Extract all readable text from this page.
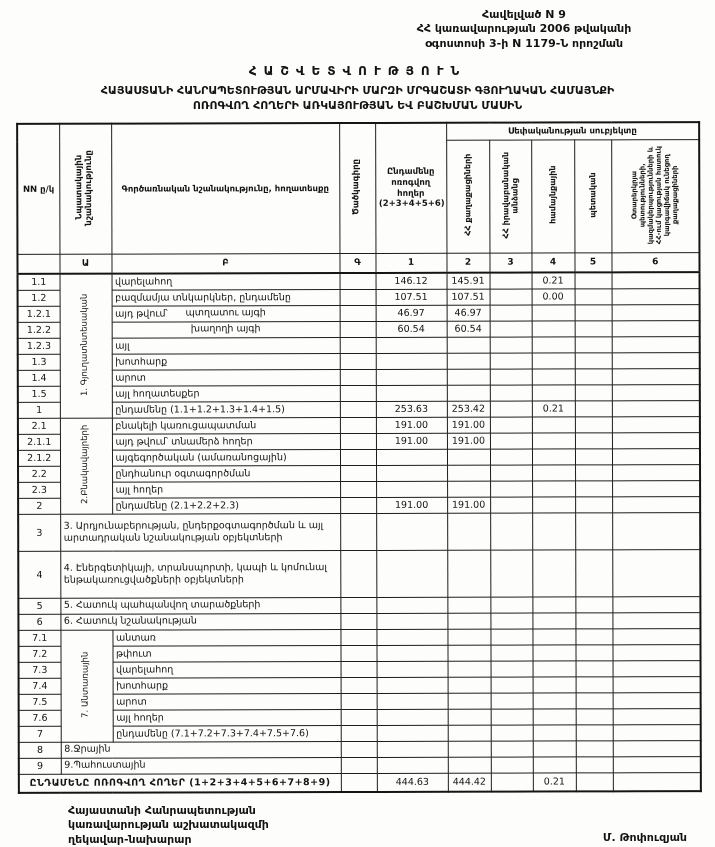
Հավելված N 9
ՀՀ կառավարության 2006 թվականի
օգոստոսի 3-ի N 1179-Ն որոշման
ՀԱՇՎԵՏՎՈՒԹՅՈՒՆ
ՀԱՅԱՍՏԱՆԻ ՀԱՆՐԱՊԵՏՈՒԹՅԱՆ ԱՐՄԱՎԻՐԻ ՄԱՐԶԻ ՄՐԳԱՇԱՏԻ ԳՅՈՒՂԱԿԱՆ ՀԱՄԱՅՆՔԻ
ՈՌՈԳՎՈՂ ՀՈՂԵՐԻ ԱՌԿԱՅՈՒԹՅԱՆ ԵՎ ԲԱՇԽՄԱՆ ՄԱՍԻՆ
NN ը/կ	Նպատակային նշանակությունը	Գործառնական նշանակությունը, հողատեսքը	Ծածկագիրը	Ընդամենը ոռոգվող հողեր (2+3+4+5+6)	Սեփականության սուբյեկտը				
					ՀՀ քաղաքացիների	ՀՀ իրավաբանական անձանց	համայնքային	պետական	Օտարերկրյա պետությունների, կազմակերպությունների և ՀՀ-ում կացության հատուկ կարգավիճակ ունեցող քաղաքացիների
	Ա	Բ	Գ	1	2	3	4	5	6
1.1	1. Գյուղատնտեսական	վարելահող		146.12	145.91		0.21		
1.2		բազմամյա տնկարկներ, ընդամենը		107.51	107.51		0.00		
1.2.1		այդ թվում՝ պտղատու այգի		46.97	46.97				
1.2.2		խաղողի այգի		60.54	60.54				
1.2.3		այլ							
1.3		խոտհարք							
1.4		արոտ							
1.5		այլ հողատեսքեր							
1		ընդամենը (1.1+1.2+1.3+1.4+1.5)		253.63	253.42		0.21		
2.1	2.Բնակավայրերի	բնակելի կառուցապատման		191.00	191.00				
2.1.1		այդ թվում՝ տնամերձ հողեր		191.00	191.00				
2.1.2		այգեգործական (ամառանոցային)							
2.2		ընդհանուր օգտագործման							
2.3		այլ հողեր							
2		ընդամենը (2.1+2.2+2.3)		191.00	191.00				
3	3. Արդյունաբերության, ընդերքօգտագործման և այլ արտադրական նշանակության օբյեկտների								
4	4. Էներգետիկայի, տրանսպորտի, կապի և կոմունալ ենթակառուցվածքների օբյեկտների								
5	5. Հատուկ պահպանվող տարածքների								
6	6. Հատուկ նշանակության								
7.1	7. Անտառային	անտառ							
7.2		թփուտ							
7.3		վարելահող							
7.4		խոտհարք							
7.5		արոտ							
7.6		այլ հողեր							
7		ընդամենը (7.1+7.2+7.3+7.4+7.5+7.6)							
8	8.Ջրային								
9	9.Պահուստային								
ԸՆԴԱՄԵՆԸ ՈՌՈԳՎՈՂ ՀՈՂԵՐ (1+2+3+4+5+6+7+8+9)				444.63	444.42		0.21		
Հայաստանի Հանրապետության
կառավարության աշխատակազմի
ղեկավար-նախարար	Մ. Թոփուզյան
